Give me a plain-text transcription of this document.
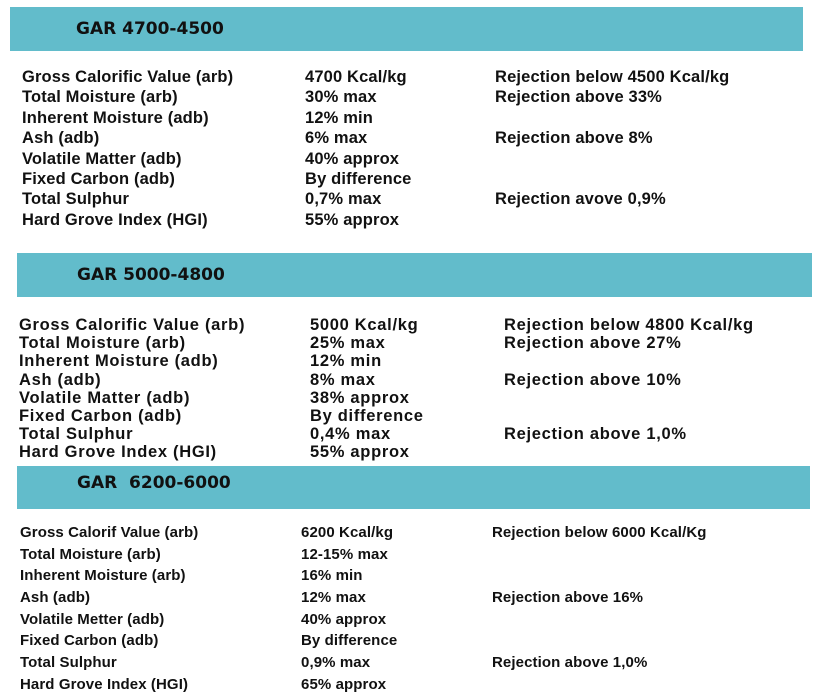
GAR 4700-4500
Gross Calorific Value (arb)	4700 Kcal/kg	Rejection below 4500 Kcal/kg
Total Moisture (arb)	30% max	Rejection above 33%
Inherent Moisture (adb)	12% min
Ash (adb)	6% max	Rejection above 8%
Volatile Matter (adb)	40% approx
Fixed Carbon (adb)	By difference
Total Sulphur	0,7% max	Rejection avove 0,9%
Hard Grove Index (HGI)	55% approx
GAR 5000-4800
Gross Calorific Value (arb)	5000 Kcal/kg	Rejection below 4800 Kcal/kg
Total Moisture (arb)	25% max	Rejection above 27%
Inherent Moisture (adb)	12% min
Ash (adb)	8% max	Rejection above 10%
Volatile Matter (adb)	38% approx
Fixed Carbon (adb)	By difference
Total Sulphur	0,4% max	Rejection above 1,0%
Hard Grove Index (HGI)	55% approx
GAR  6200-6000
Gross Calorif Value (arb)	6200 Kcal/kg	Rejection below 6000 Kcal/Kg
Total Moisture (arb)	12-15% max
Inherent Moisture (arb)	16% min
Ash (adb)	12% max	Rejection above 16%
Volatile Metter (adb)	40% approx
Fixed Carbon (adb)	By difference
Total Sulphur	0,9% max	Rejection above 1,0%
Hard Grove Index (HGI)	65% approx
